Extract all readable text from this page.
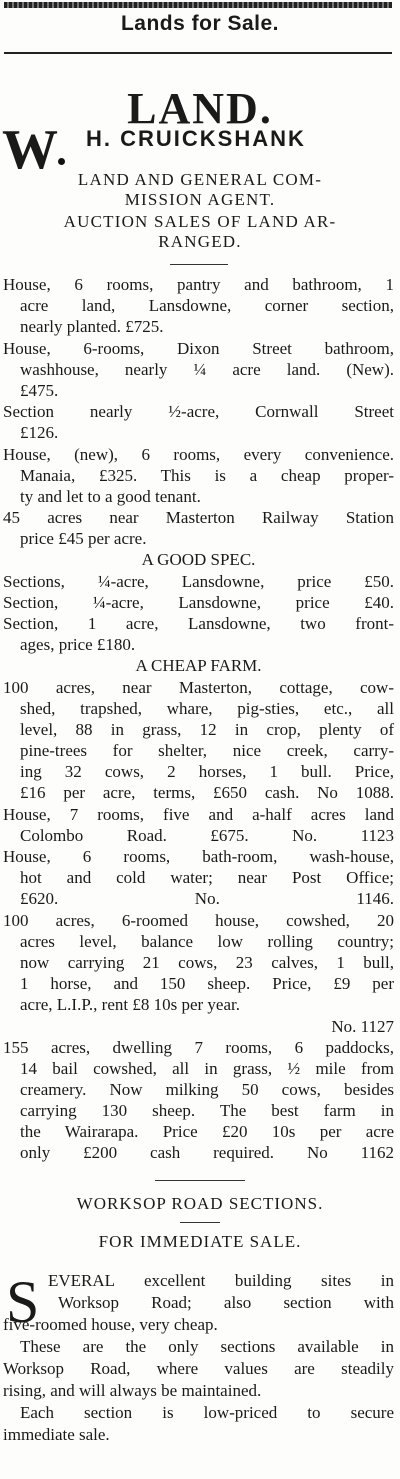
Lands for Sale.
LAND.
W H. CRUICKSHANK
LAND AND GENERAL COM-
MISSION AGENT.
AUCTION SALES OF LAND AR-
RANGED.
House, 6 rooms, pantry and bathroom, 1
acre land, Lansdowne, corner section,
nearly planted. £725.
House, 6-rooms, Dixon Street bathroom,
washhouse, nearly ¼ acre land. (New).
£475.
Section nearly ½-acre, Cornwall Street
£126.
House, (new), 6 rooms, every convenience.
Manaia, £325. This is a cheap proper-
ty and let to a good tenant.
45 acres near Masterton Railway Station
price £45 per acre.
A GOOD SPEC.
Sections, ¼-acre, Lansdowne, price £50.
Section, ¼-acre, Lansdowne, price £40.
Section, 1 acre, Lansdowne, two front-
ages, price £180.
A CHEAP FARM.
100 acres, near Masterton, cottage, cow-
shed, trapshed, whare, pig-sties, etc., all
level, 88 in grass, 12 in crop, plenty of
pine-trees for shelter, nice creek, carry-
ing 32 cows, 2 horses, 1 bull. Price,
£16 per acre, terms, £650 cash. No 1088.
House, 7 rooms, five and a-half acres land
Colombo Road. £675. No. 1123
House, 6 rooms, bath-room, wash-house,
hot and cold water; near Post Office;
£620. No. 1146.
100 acres, 6-roomed house, cowshed, 20
acres level, balance low rolling country;
now carrying 21 cows, 23 calves, 1 bull,
1 horse, and 150 sheep. Price, £9 per
acre, L.I.P., rent £8 10s per year.
No. 1127
155 acres, dwelling 7 rooms, 6 paddocks,
14 bail cowshed, all in grass, ½ mile from
creamery. Now milking 50 cows, besides
carrying 130 sheep. The best farm in
the Wairarapa. Price £20 10s per acre
only £200 cash required. No 1162
WORKSOP ROAD SECTIONS.
FOR IMMEDIATE SALE.
S EVERAL excellent building sites in
Worksop Road; also section with
five-roomed house, very cheap.
These are the only sections available in
Worksop Road, where values are steadily
rising, and will always be maintained.
Each section is low-priced to secure
immediate sale.
